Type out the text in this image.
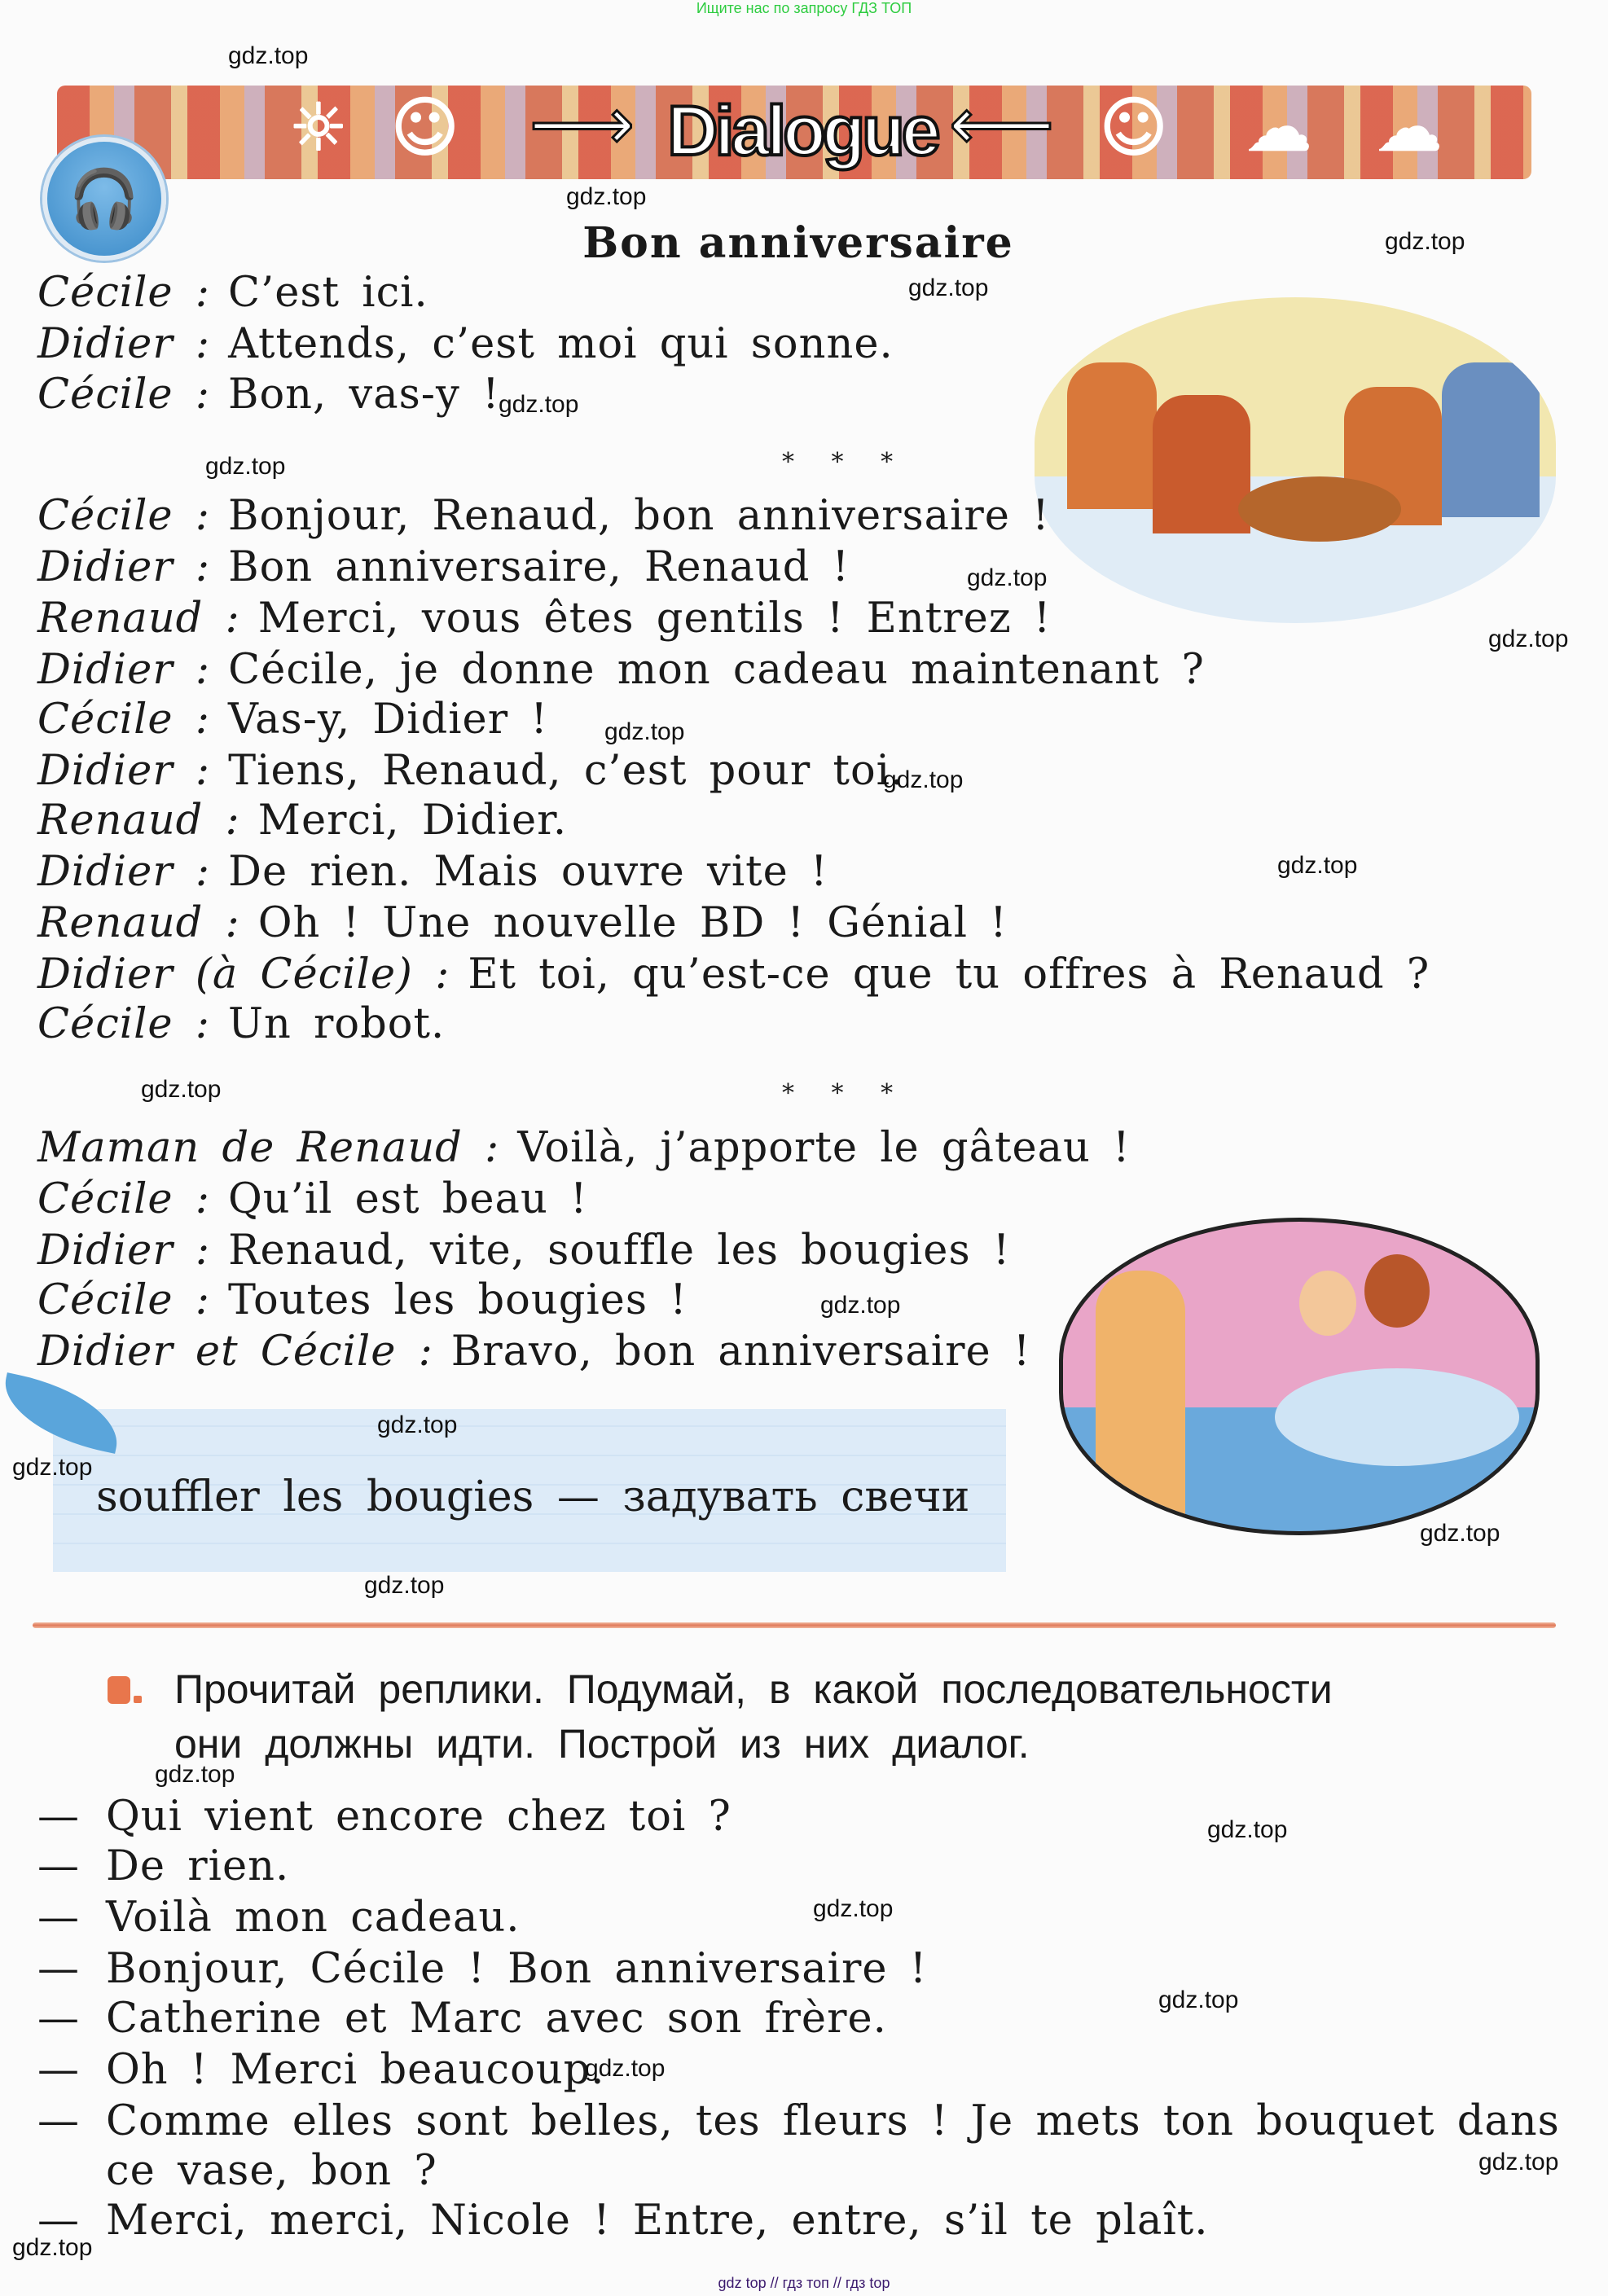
Ищите нас по запросу ГДЗ ТОП
☼ ☺ ⟶ Dialogue ⟵ ☺ ☁ ☁
🎧
Bon anniversaire
Cécile : C’est ici.
Didier : Attends, c’est moi qui sonne.
Cécile : Bon, vas-y !
* * *
Cécile : Bonjour, Renaud, bon anniversaire !
Didier : Bon anniversaire, Renaud !
Renaud : Merci, vous êtes gentils ! Entrez !
Didier : Cécile, je donne mon cadeau maintenant ?
Cécile : Vas-y, Didier !
Didier : Tiens, Renaud, c’est pour toi.
Renaud : Merci, Didier.
Didier : De rien. Mais ouvre vite !
Renaud : Oh ! Une nouvelle BD ! Génial !
Didier (à Cécile) : Et toi, qu’est-ce que tu offres à Renaud ?
Cécile : Un robot.
* * *
Maman de Renaud : Voilà, j’apporte le gâteau !
Cécile : Qu’il est beau !
Didier : Renaud, vite, souffle les bougies !
Cécile : Toutes les bougies !
Didier et Cécile : Bravo, bon anniversaire !
souffler les bougies — задувать свечи
Прочитай реплики. Подумай, в какой последовательности
они должны идти. Построй из них диалог.
— Qui vient encore chez toi ?
— De rien.
— Voilà mon cadeau.
— Bonjour, Cécile ! Bon anniversaire !
— Catherine et Marc avec son frère.
— Oh ! Merci beaucoup.
— Comme elles sont belles, tes fleurs ! Je mets ton bouquet dans
ce vase, bon ?
— Merci, merci, Nicole ! Entre, entre, s’il te plaît.
gdz.top
gdz.top
gdz.top
gdz.top
gdz.top
gdz.top
gdz.top
gdz.top
gdz.top
gdz.top
gdz.top
gdz.top
gdz.top
gdz.top
gdz.top
gdz.top
gdz.top
gdz.top
gdz.top
gdz.top
gdz.top
gdz.top
gdz.top
gdz.top
gdz top // гдз топ // гдз top
